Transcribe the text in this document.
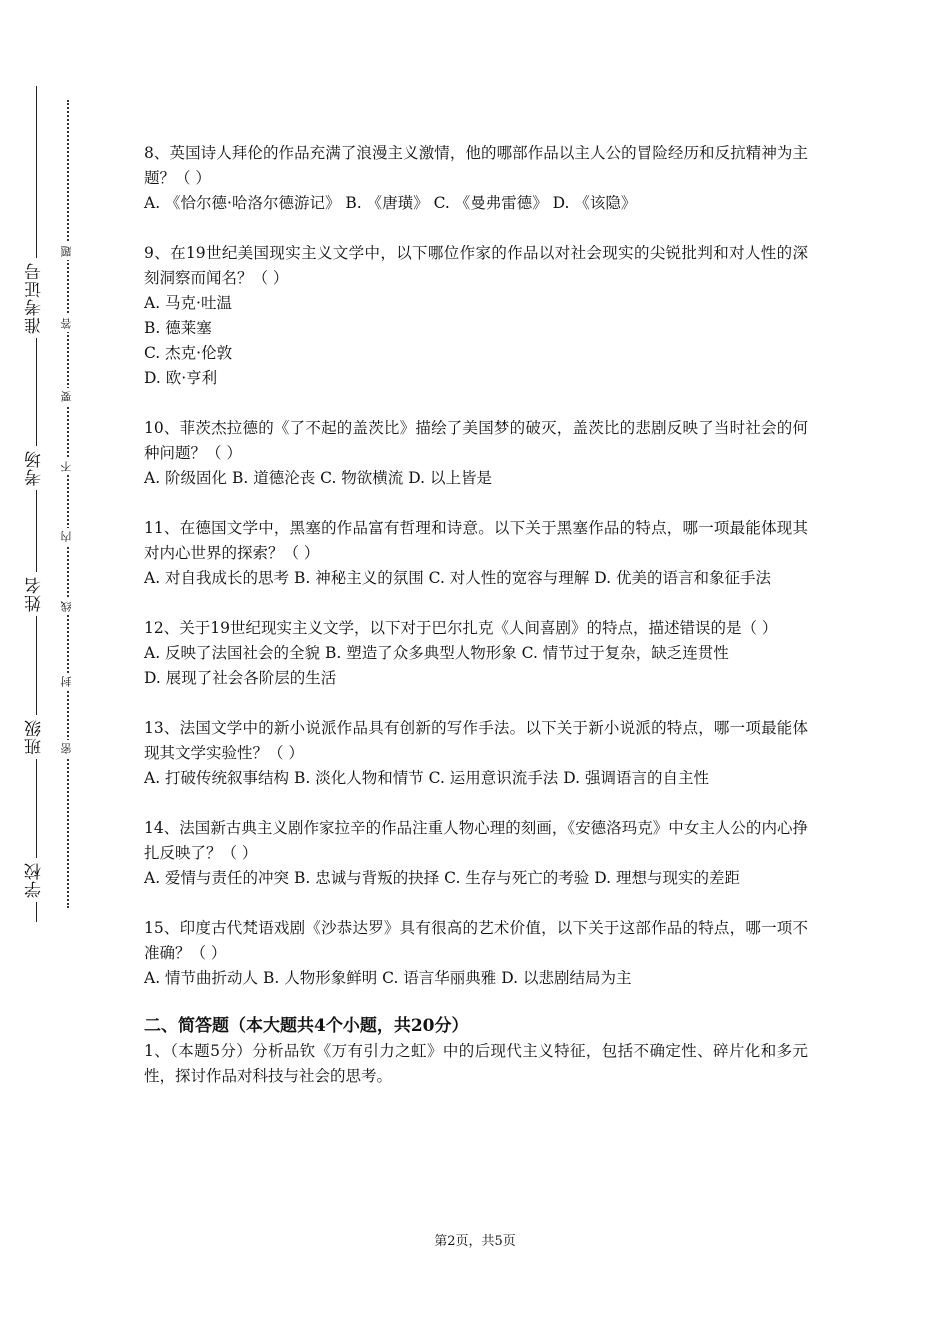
学校
班级
姓名
考场
准考证号
密
封
线
内
不
要
答
题
8、英国诗人拜伦的作品充满了浪漫主义激情，他的哪部作品以主人公的冒险经历和反抗精神为主题？（ ）
A. 《恰尔德·哈洛尔德游记》 B. 《唐璜》 C. 《曼弗雷德》 D. 《该隐》
9、在19世纪美国现实主义文学中，以下哪位作家的作品以对社会现实的尖锐批判和对人性的深刻洞察而闻名？（ ）
A. 马克·吐温
B. 德莱塞
C. 杰克·伦敦
D. 欧·亨利
10、菲茨杰拉德的《了不起的盖茨比》描绘了美国梦的破灭，盖茨比的悲剧反映了当时社会的何种问题？（ ）
A. 阶级固化 B. 道德沦丧 C. 物欲横流 D. 以上皆是
11、在德国文学中，黑塞的作品富有哲理和诗意。以下关于黑塞作品的特点，哪一项最能体现其对内心世界的探索？（ ）
A. 对自我成长的思考 B. 神秘主义的氛围 C. 对人性的宽容与理解 D. 优美的语言和象征手法
12、关于19世纪现实主义文学，以下对于巴尔扎克《人间喜剧》的特点，描述错误的是（ ）
A. 反映了法国社会的全貌 B. 塑造了众多典型人物形象 C. 情节过于复杂，缺乏连贯性
D. 展现了社会各阶层的生活
13、法国文学中的新小说派作品具有创新的写作手法。以下关于新小说派的特点，哪一项最能体现其文学实验性？（ ）
A. 打破传统叙事结构 B. 淡化人物和情节 C. 运用意识流手法 D. 强调语言的自主性
14、法国新古典主义剧作家拉辛的作品注重人物心理的刻画，《安德洛玛克》中女主人公的内心挣扎反映了？（ ）
A. 爱情与责任的冲突 B. 忠诚与背叛的抉择 C. 生存与死亡的考验 D. 理想与现实的差距
15、印度古代梵语戏剧《沙恭达罗》具有很高的艺术价值，以下关于这部作品的特点，哪一项不准确？（ ）
A. 情节曲折动人 B. 人物形象鲜明 C. 语言华丽典雅 D. 以悲剧结局为主
二、简答题（本大题共4个小题，共20分）
1、（本题5分）分析品钦《万有引力之虹》中的后现代主义特征，包括不确定性、碎片化和多元性，探讨作品对科技与社会的思考。
第2页，共5页
